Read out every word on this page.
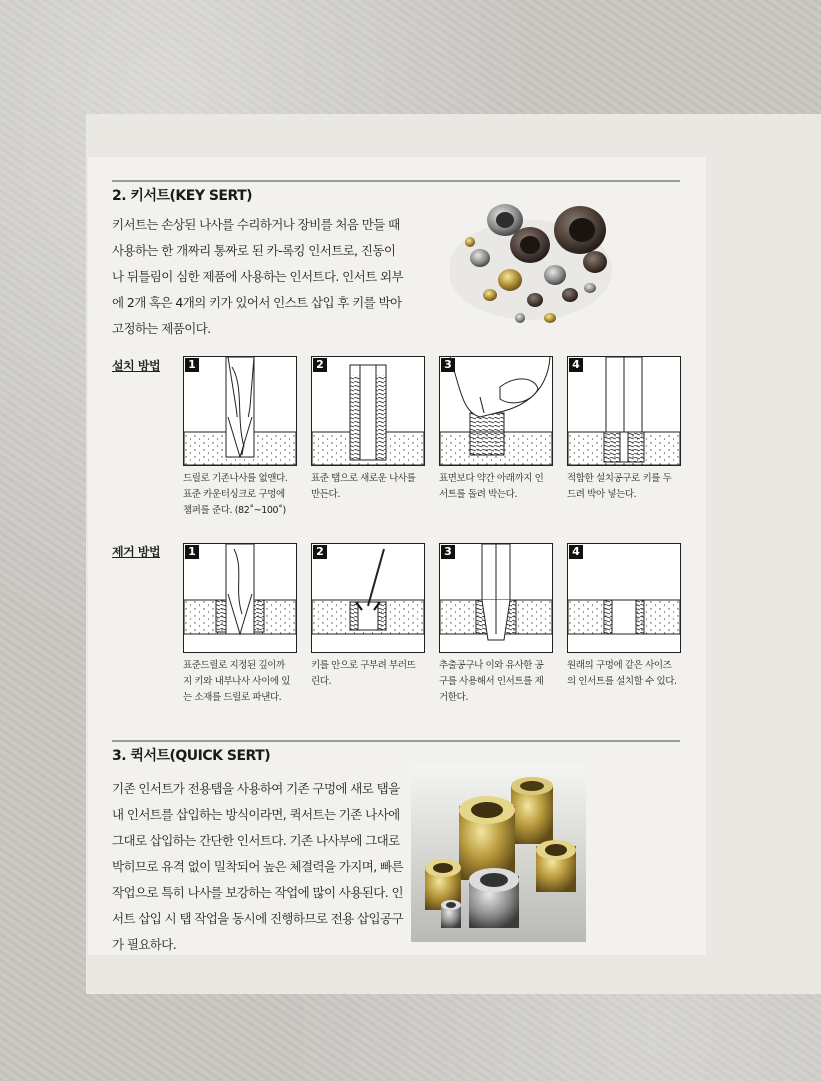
2. 키서트(KEY SERT)
키서트는 손상된 나사를 수리하거나 장비를 처음 만들 때
사용하는 한 개짜리 통짜로 된 카-록킹 인서트로, 진동이
나 뒤틀림이 심한 제품에 사용하는 인서트다. 인서트 외부
에 2개 혹은 4개의 키가 있어서 인스트 삽입 후 키를 박아
고정하는 제품이다.
설치 방법	1	2	3	4
드릴로 기존나사를 없앤다.
표준 카운터싱크로 구멍에
챔퍼를 준다. (82˚~100˚)
표준 탭으로 새로운 나사를
만든다.
표면보다 약간 아래까지 인
서트를 돌려 박는다.
적합한 설치공구로 키를 두
드려 박아 넣는다.
제거 방법	1	2	3	4
표준드릴로 지정된 깊이까
지 키와 내부나사 사이에 있
는 소재를 드릴로 파낸다.
키를 안으로 구부려 부러뜨
린다.
추출공구나 이와 유사한 공
구를 사용해서 인서트를 제
거한다.
원래의 구멍에 같은 사이즈
의 인서트를 설치할 수 있다.
3. 퀵서트(QUICK SERT)
기존 인서트가 전용탭을 사용하여 기존 구멍에 새로 탭을
내 인서트를 삽입하는 방식이라면, 퀵서트는 기존 나사에
그대로 삽입하는 간단한 인서트다. 기존 나사부에 그대로
박히므로 유격 없이 밀착되어 높은 체결력을 가지며, 빠른
작업으로 특히 나사를 보강하는 작업에 많이 사용된다. 인
서트 삽입 시 탭 작업을 동시에 진행하므로 전용 삽입공구
가 필요하다.
